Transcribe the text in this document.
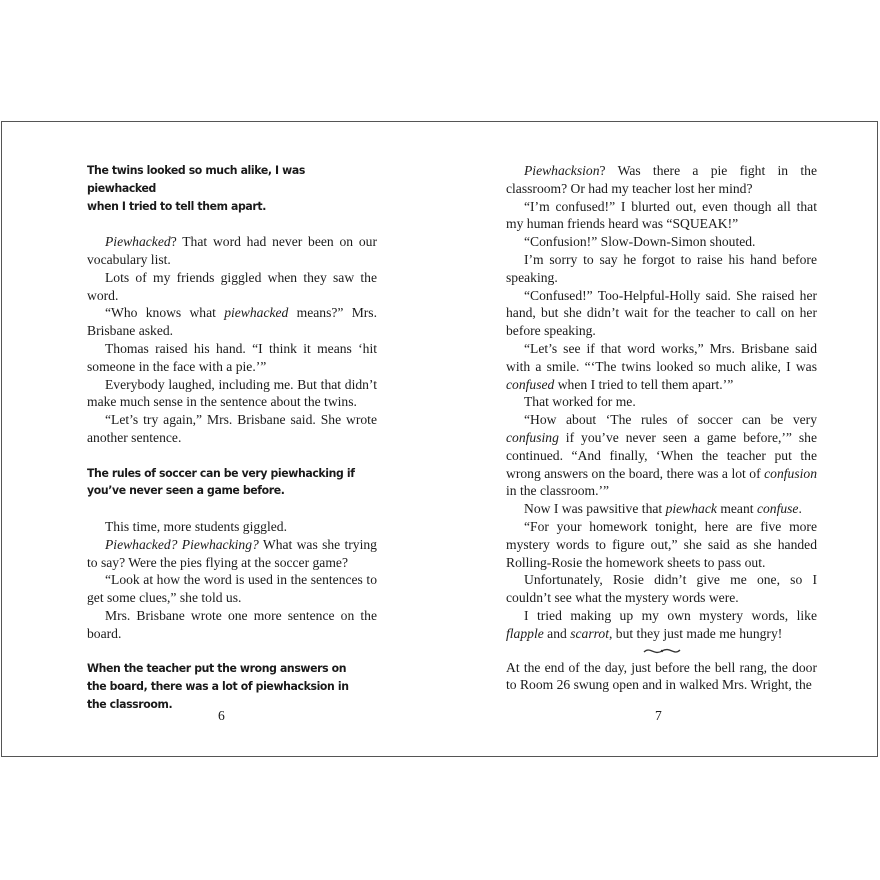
The twins looked so much alike, I was piewhacked
when I tried to tell them apart.

Piewhacked? That word had never been on our vocabulary list.

Lots of my friends giggled when they saw the word.

“Who knows what piewhacked means?” Mrs. Brisbane asked.

Thomas raised his hand. “I think it means ‘hit someone in the face with a pie.’”

Everybody laughed, including me. But that didn’t make much sense in the sentence about the twins.

“Let’s try again,” Mrs. Brisbane said. She wrote another sentence.

The rules of soccer can be very piewhacking if
you’ve never seen a game before.

This time, more students giggled.

Piewhacked? Piewhacking? What was she trying to say? Were the pies flying at the soccer game?

“Look at how the word is used in the sentences to get some clues,” she told us.

Mrs. Brisbane wrote one more sentence on the board.

When the teacher put the wrong answers on
the board, there was a lot of piewhacksion in
the classroom.

6

Piewhacksion? Was there a pie fight in the classroom? Or had my teacher lost her mind?

“I’m confused!” I blurted out, even though all that my human friends heard was “SQUEAK!”

“Confusion!” Slow-Down-Simon shouted.

I’m sorry to say he forgot to raise his hand before speaking.

“Confused!” Too-Helpful-Holly said. She raised her hand, but she didn’t wait for the teacher to call on her before speaking.

“Let’s see if that word works,” Mrs. Brisbane said with a smile. “‘The twins looked so much alike, I was confused when I tried to tell them apart.’”

That worked for me.

“How about ‘The rules of soccer can be very confusing if you’ve never seen a game before,’” she continued. “And finally, ‘When the teacher put the wrong answers on the board, there was a lot of confusion in the classroom.’”

Now I was pawsitive that piewhack meant confuse.

“For your homework tonight, here are five more mystery words to figure out,” she said as she handed Rolling-Rosie the homework sheets to pass out.

Unfortunately, Rosie didn’t give me one, so I couldn’t see what the mystery words were.

I tried making up my own mystery words, like flapple and scarrot, but they just made me hungry!

At the end of the day, just before the bell rang, the door to Room 26 swung open and in walked Mrs. Wright, the

7
